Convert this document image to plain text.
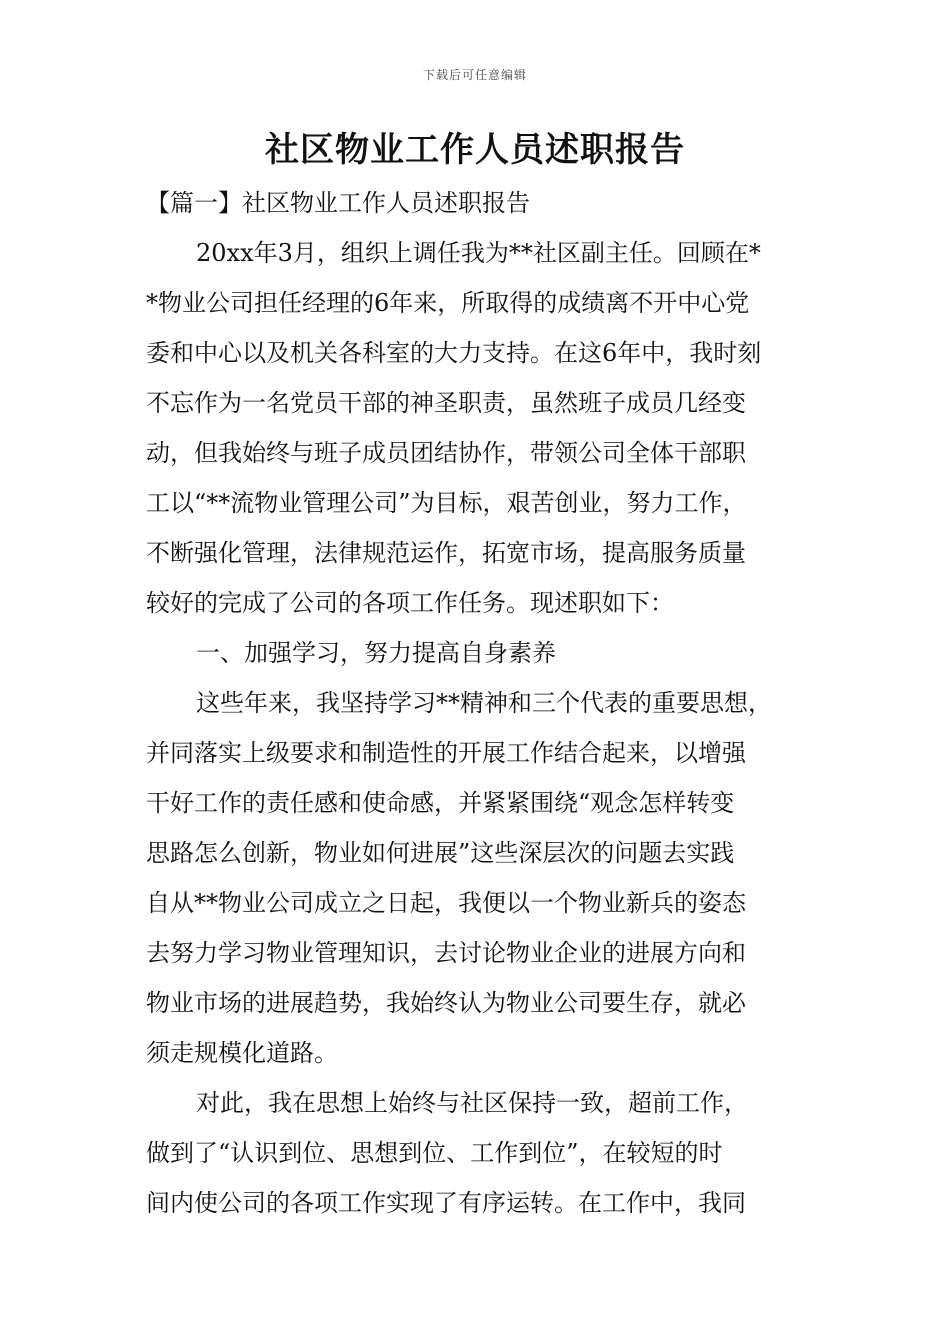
下载后可任意编辑
社区物业工作人员述职报告
【篇一】社区物业工作人员述职报告

20xx年3月，组织上调任我为**社区副主任。回顾在*
*物业公司担任经理的6年来，所取得的成绩离不开中心党
委和中心以及机关各科室的大力支持。在这6年中，我时刻
不忘作为一名党员干部的神圣职责，虽然班子成员几经变
动，但我始终与班子成员团结协作，带领公司全体干部职
工以“**流物业管理公司”为目标，艰苦创业，努力工作，
不断强化管理，法律规范运作，拓宽市场，提高服务质量
较好的完成了公司的各项工作任务。现述职如下：

一、加强学习，努力提高自身素养

这些年来，我坚持学习**精神和三个代表的重要思想，
并同落实上级要求和制造性的开展工作结合起来，以增强
干好工作的责任感和使命感，并紧紧围绕“观念怎样转变
思路怎么创新，物业如何进展”这些深层次的问题去实践
自从**物业公司成立之日起，我便以一个物业新兵的姿态
去努力学习物业管理知识，去讨论物业企业的进展方向和
物业市场的进展趋势，我始终认为物业公司要生存，就必
须走规模化道路。

对此，我在思想上始终与社区保持一致，超前工作，
做到了“认识到位、思想到位、工作到位”，在较短的时
间内使公司的各项工作实现了有序运转。在工作中，我同
